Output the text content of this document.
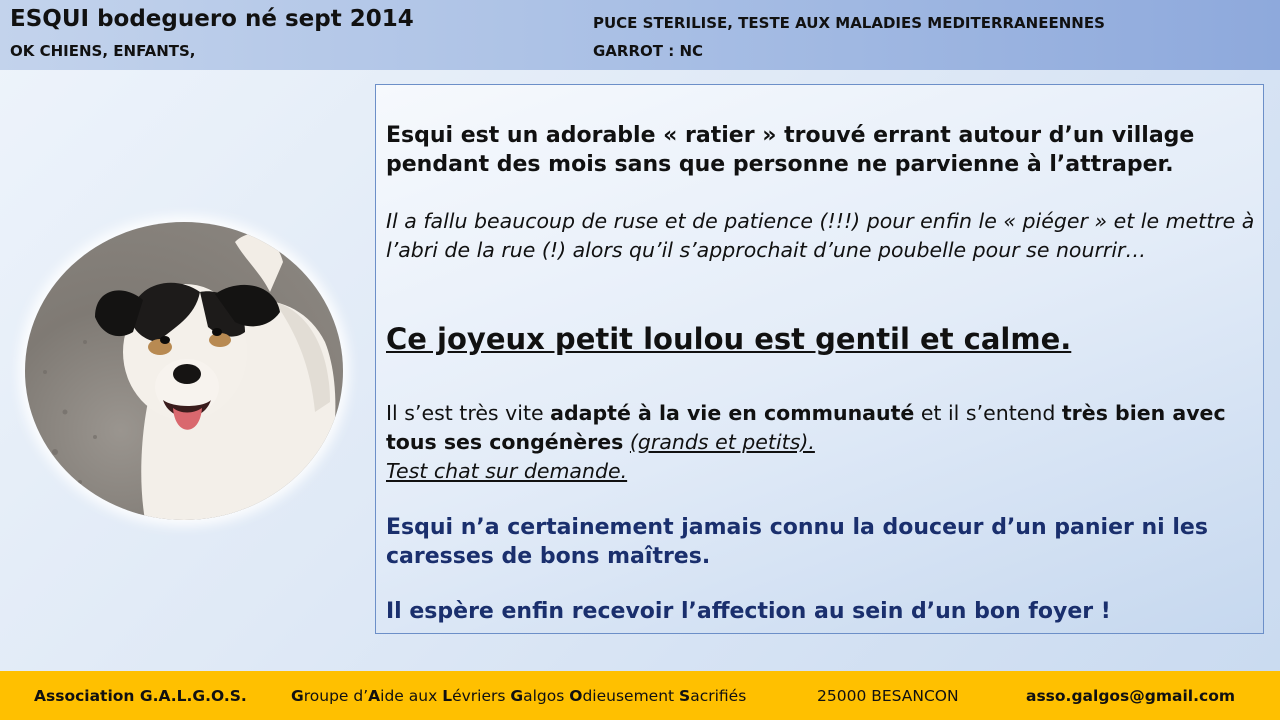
ESQUI bodeguero né sept 2014
OK CHIENS, ENFANTS,
PUCE STERILISE, TESTE AUX MALADIES MEDITERRANEENNES
GARROT : NC

Esqui est un adorable « ratier » trouvé errant autour d’un village pendant des mois sans que personne ne parvienne à l’attraper.

Il a fallu beaucoup de ruse et de patience (!!!) pour enfin le « piéger » et le mettre à l’abri de la rue (!) alors qu’il s’approchait d’une poubelle pour se nourrir…

Ce joyeux petit loulou est gentil et calme.

Il s’est très vite adapté à la vie en communauté et il s’entend très bien avec tous ses congénères (grands et petits).
Test chat sur demande.

Esqui n’a certainement jamais connu la douceur d’un panier ni les caresses de bons maîtres.

Il espère enfin recevoir l’affection au sein d’un bon foyer !

Association G.A.L.G.O.S.	Groupe d’Aide aux Lévriers Galgos Odieusement Sacrifiés	25000 BESANCON	asso.galgos@gmail.com
